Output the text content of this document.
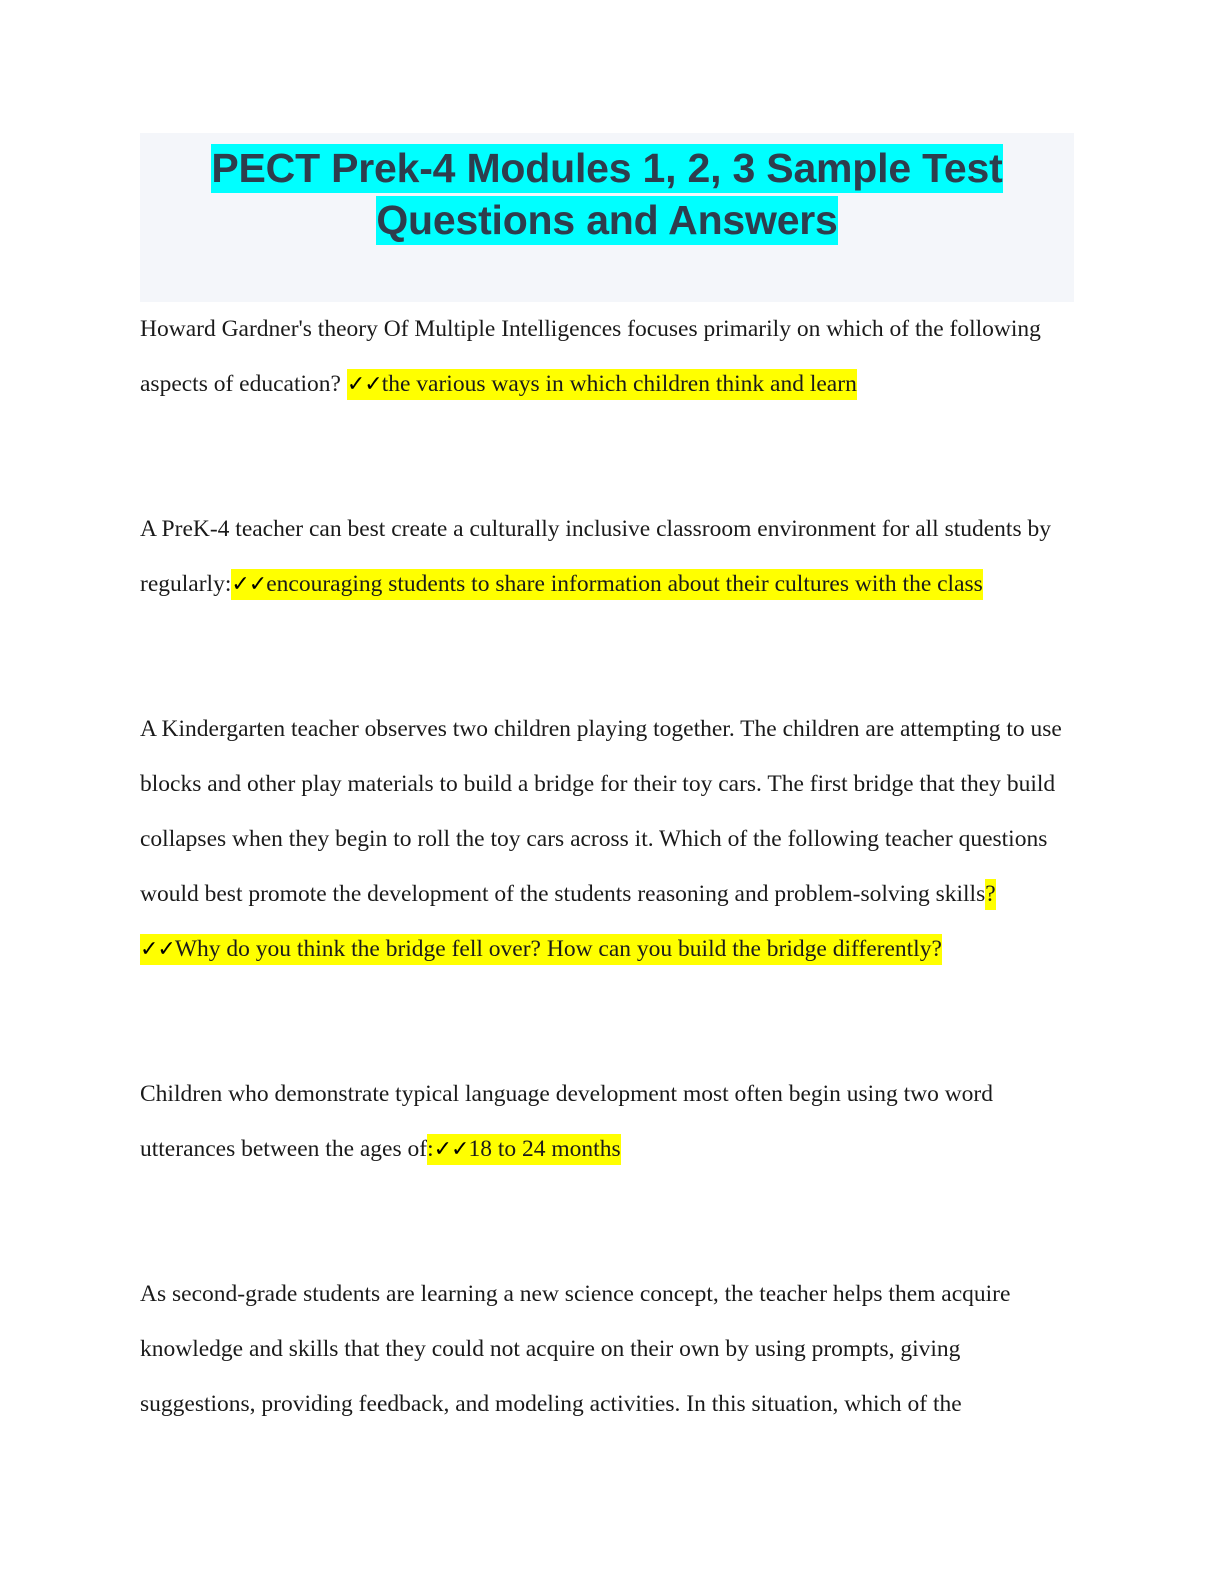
PECT Prek-4 Modules 1, 2, 3 Sample Test
Questions and Answers

Howard Gardner's theory Of Multiple Intelligences focuses primarily on which of the following aspects of education? ✓✓the various ways in which children think and learn

A PreK-4 teacher can best create a culturally inclusive classroom environment for all students by regularly:✓✓encouraging students to share information about their cultures with the class

A Kindergarten teacher observes two children playing together. The children are attempting to use blocks and other play materials to build a bridge for their toy cars. The first bridge that they build collapses when they begin to roll the toy cars across it. Which of the following teacher questions would best promote the development of the students reasoning and problem-solving skills?✓✓Why do you think the bridge fell over? How can you build the bridge differently?

Children who demonstrate typical language development most often begin using two word utterances between the ages of:✓✓18 to 24 months

As second-grade students are learning a new science concept, the teacher helps them acquire knowledge and skills that they could not acquire on their own by using prompts, giving suggestions, providing feedback, and modeling activities. In this situation, which of the
